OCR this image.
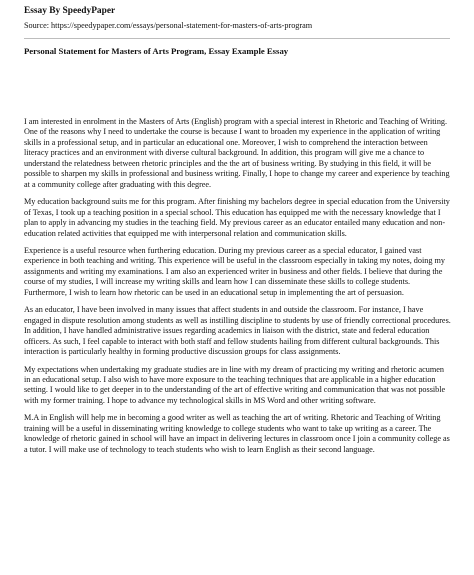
Essay By SpeedyPaper
Source: https://speedypaper.com/essays/personal-statement-for-masters-of-arts-program
Personal Statement for Masters of Arts Program, Essay Example Essay

I am interested in enrolment in the Masters of Arts (English) program with a special interest in Rhetoric and Teaching of Writing. One of the reasons why I need to undertake the course is because I want to broaden my experience in the application of writing skills in a professional setup, and in particular an educational one. Moreover, I wish to comprehend the interaction between literacy practices and an environment with diverse cultural background. In addition, this program will give me a chance to understand the relatedness between rhetoric principles and the the art of business writing. By studying in this field, it will be possible to sharpen my skills in professional and business writing. Finally, I hope to change my career and experience by teaching at a community college after graduating with this degree.

My education background suits me for this program. After finishing my bachelors degree in special education from the University of Texas, I took up a teaching position in a special school. This education has equipped me with the necessary knowledge that I plan to apply in advancing my studies in the teaching field. My previous career as an educator entailed many education and non-education related activities that equipped me with interpersonal relation and communication skills.

Experience is a useful resource when furthering education. During my previous career as a special educator, I gained vast experience in both teaching and writing. This experience will be useful in the classroom especially in taking my notes, doing my assignments and writing my examinations. I am also an experienced writer in business and other fields. I believe that during the course of my studies, I will increase my writing skills and learn how I can disseminate these skills to college students. Furthermore, I wish to learn how rhetoric can be used in an educational setup in implementing the art of persuasion.

As an educator, I have been involved in many issues that affect students in and outside the classroom. For instance, I have engaged in dispute resolution among students as well as instilling discipline to students by use of friendly correctional procedures. In addition, I have handled administrative issues regarding academics in liaison with the district, state and federal education officers. As such, I feel capable to interact with both staff and fellow students hailing from different cultural backgrounds. This interaction is particularly healthy in forming productive discussion groups for class assignments.

My expectations when undertaking my graduate studies are in line with my dream of practicing my writing and rhetoric acumen in an educational setup. I also wish to have more exposure to the teaching techniques that are applicable in a higher education setting. I would like to get deeper in to the understanding of the art of effective writing and communication that was not possible with my former training. I hope to advance my technological skills in MS Word and other writing software.

M.A in English will help me in becoming a good writer as well as teaching the art of writing. Rhetoric and Teaching of Writing training will be a useful in disseminating writing knowledge to college students who want to take up writing as a career. The knowledge of rhetoric gained in school will have an impact in delivering lectures in classroom once I join a community college as a tutor. I will make use of technology to teach students who wish to learn English as their second language.
